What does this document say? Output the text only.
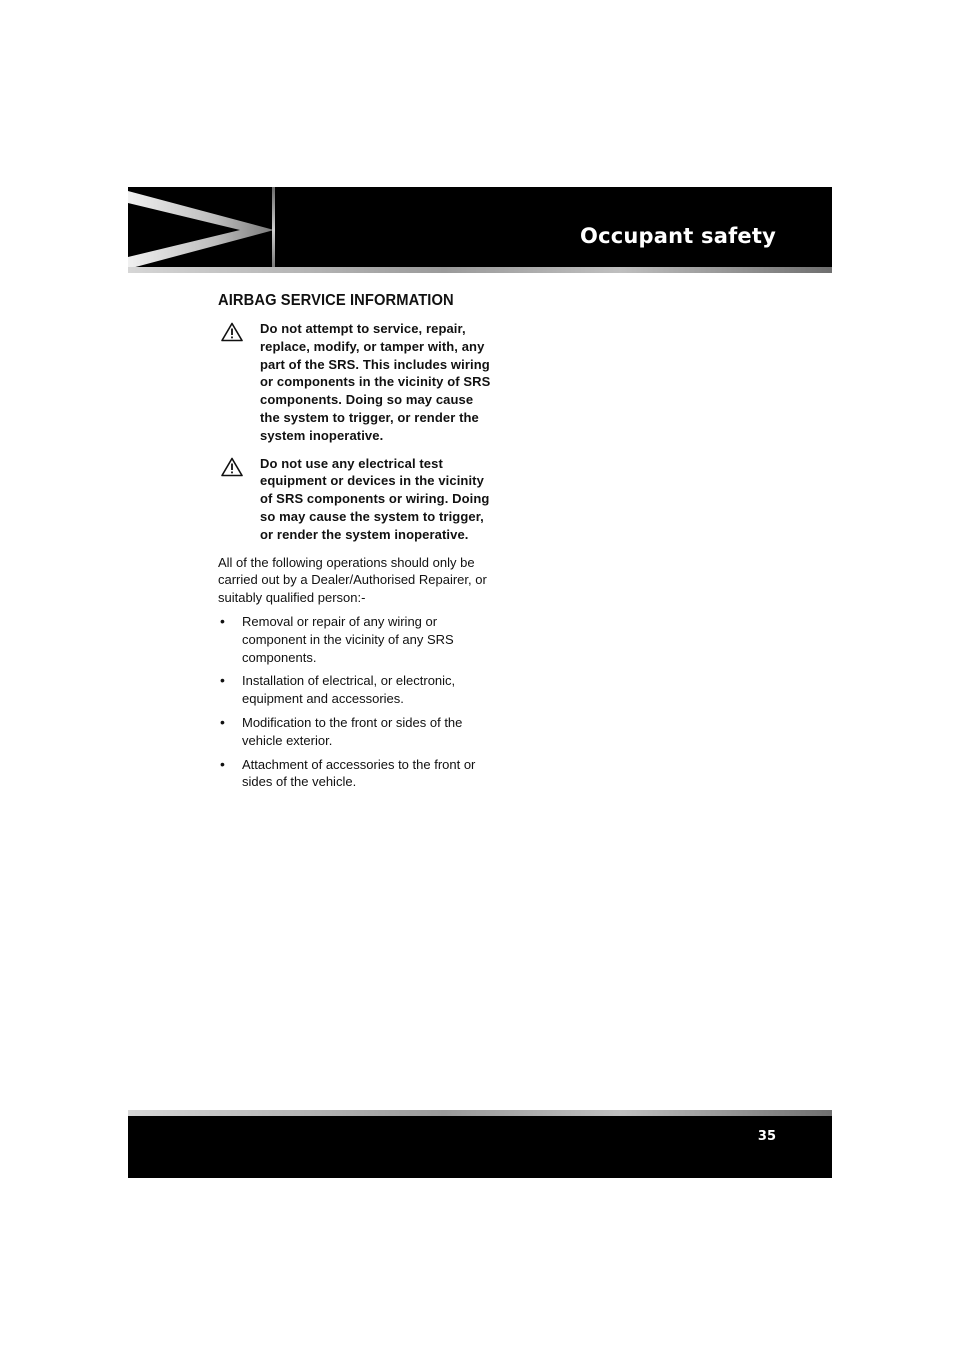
Occupant safety
AIRBAG SERVICE INFORMATION
Do not attempt to service, repair, replace, modify, or tamper with, any part of the SRS. This includes wiring or components in the vicinity of SRS components. Doing so may cause the system to trigger, or render the system inoperative.
Do not use any electrical test equipment or devices in the vicinity of SRS components or wiring. Doing so may cause the system to trigger, or render the system inoperative.

All of the following operations should only be carried out by a Dealer/Authorised Repairer, or suitably qualified person:-

• Removal or repair of any wiring or component in the vicinity of any SRS components.
• Installation of electrical, or electronic, equipment and accessories.
• Modification to the front or sides of the vehicle exterior.
• Attachment of accessories to the front or sides of the vehicle.
35
